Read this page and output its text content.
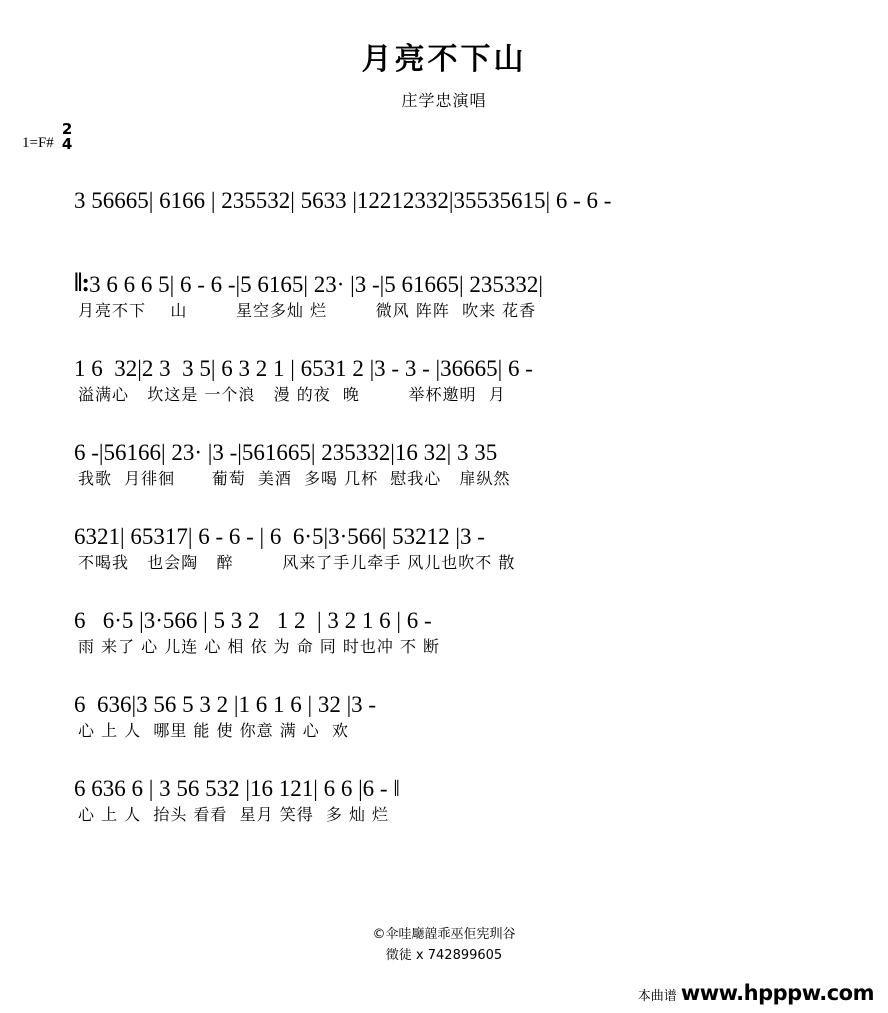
月亮不下山
庄学忠演唱
1=F#
2
4
3 56665| 6166 | 235532| 5633 |12212332|35535615| 6 - 6 -
‖: 3 6 6 6 5| 6 - 6 -|5 6165| 23· |3 -|5 61665| 235332|
月亮不下    山        星空多灿 烂        微风 阵阵  吹来 花香
1 6  32|2 3  3 5| 6 3 2 1 | 6531 2 |3 - 3 - |36665| 6 -
溢满心   坎这是 一个浪   漫 的夜  晚        举杯邀明  月
6 -|56166| 23· |3 -|561665| 235332|16 32| 3 35
我歌  月徘徊      葡萄  美酒  多喝 几杯  慰我心   扉纵然
6321| 65317| 6 - 6 - | 6  6·5|3·566| 53212 |3 -
不喝我   也会陶   醉        风来了手儿牵手 风儿也吹不 散
6   6·5 |3·566 | 5 3 2   1 2  | 3 2 1 6 | 6 -
雨 来了 心 儿连 心 相 依 为 命 同 时也冲 不 断
6  636|3 56 5 3 2 |1 6 1 6 | 32 |3 -
心 上 人  哪里 能 使 你意 满 心  欢
6 636 6 | 3 56 532 |16 121| 6 6 |6 - ‖
心 上 人  抬头 看看  星月 笑得  多 灿 烂
©伞哇廰韹乖巫佢宪玔谷
徵徒 x 742899605
本曲谱 www.hpppw.com
